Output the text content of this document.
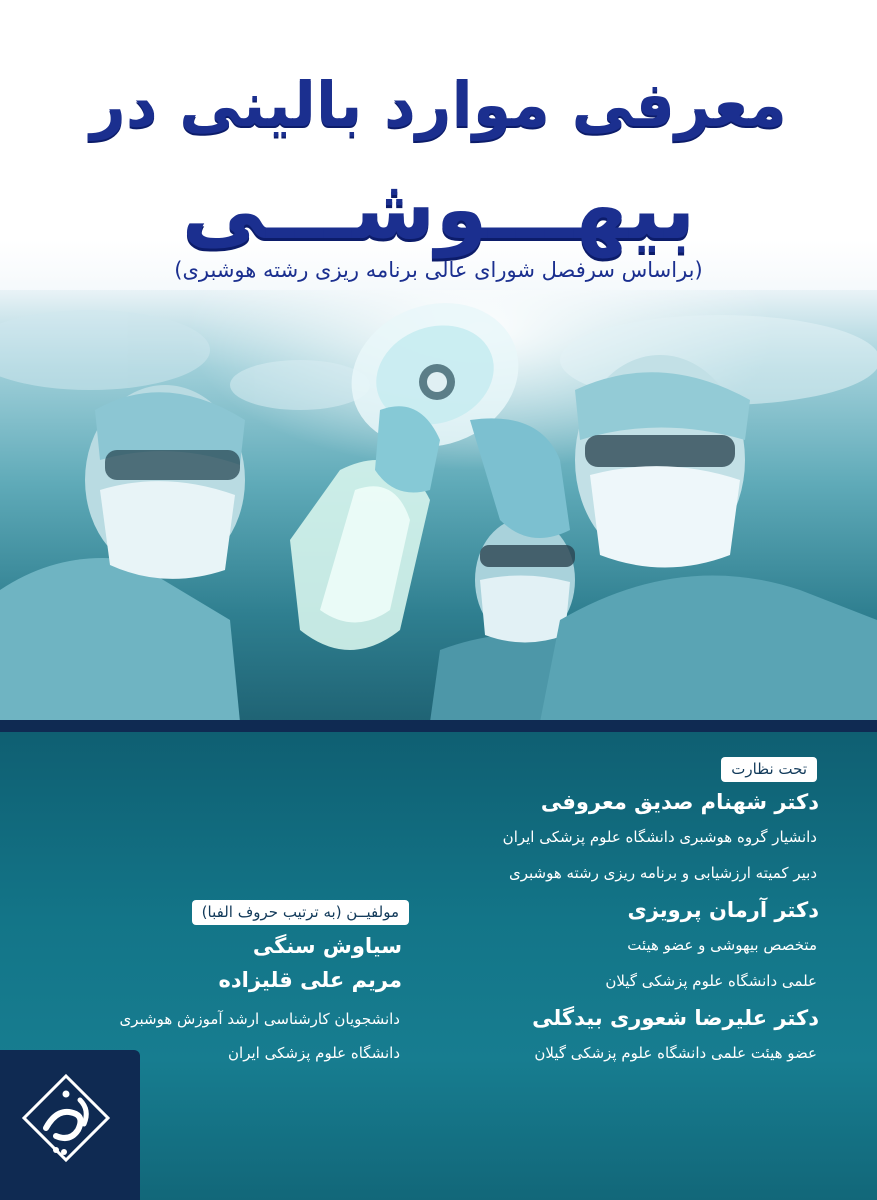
معرفی موارد بالینی در
بیهـــوشـــی
(براساس سرفصل شورای عالی برنامه ریزی رشته هوشبری)
تحت نظارت
دکتر شهنام صدیق معروفی
دانشیار گروه هوشبری دانشگاه علوم پزشکی ایران
دبیر کمیته ارزشیابی و برنامه ریزی رشته هوشبری
دکتر آرمان پرویزی
متخصص بیهوشی و عضو هیئت
علمی دانشگاه علوم پزشکی گیلان
دکتر علیرضا شعوری بیدگلی
عضو هیئت علمی دانشگاه علوم پزشکی گیلان
مولفیــن (به ترتیب حروف الفبا)
سیاوش سنگی
مریم علی قلیزاده
دانشجویان کارشناسی ارشد آموزش هوشبری
دانشگاه علوم پزشکی ایران
